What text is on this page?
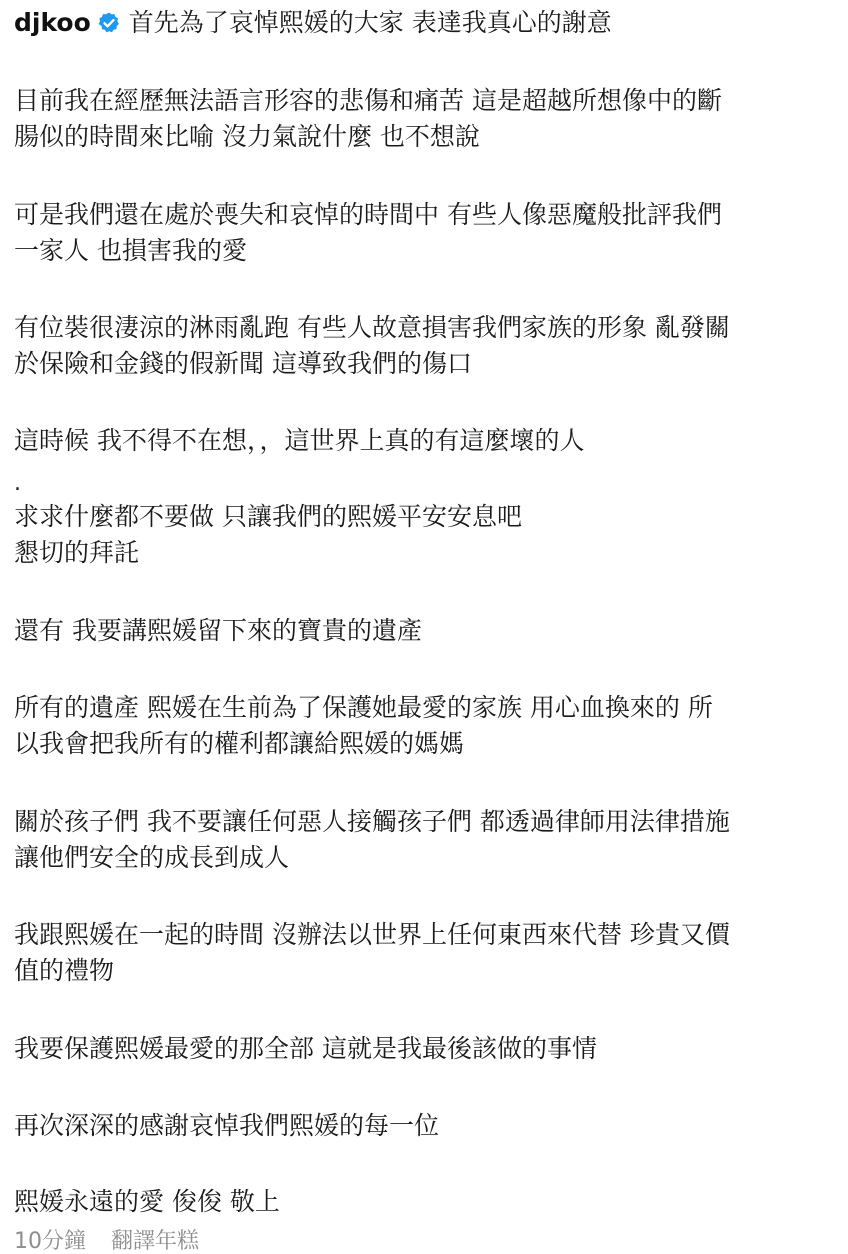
djkoo 首先為了哀悼熙媛的大家 表達我真心的謝意
目前我在經歷無法語言形容的悲傷和痛苦 這是超越所想像中的斷
腸似的時間來比喻 沒力氣說什麼 也不想說
可是我們還在處於喪失和哀悼的時間中 有些人像惡魔般批評我們
一家人 也損害我的愛
有位裝很淒涼的淋雨亂跑 有些人故意損害我們家族的形象 亂發關
於保險和金錢的假新聞 這導致我們的傷口
這時候 我不得不在想，，這世界上真的有這麼壞的人
.
求求什麼都不要做 只讓我們的熙媛平安安息吧
懇切的拜託
還有 我要講熙媛留下來的寶貴的遺產
所有的遺產 熙媛在生前為了保護她最愛的家族 用心血換來的 所
以我會把我所有的權利都讓給熙媛的媽媽
關於孩子們 我不要讓任何惡人接觸孩子們 都透過律師用法律措施
讓他們安全的成長到成人
我跟熙媛在一起的時間 沒辦法以世界上任何東西來代替 珍貴又價
值的禮物
我要保護熙媛最愛的那全部 這就是我最後該做的事情
再次深深的感謝哀悼我們熙媛的每一位
熙媛永遠的愛 俊俊 敬上
10分鐘 翻譯年糕
